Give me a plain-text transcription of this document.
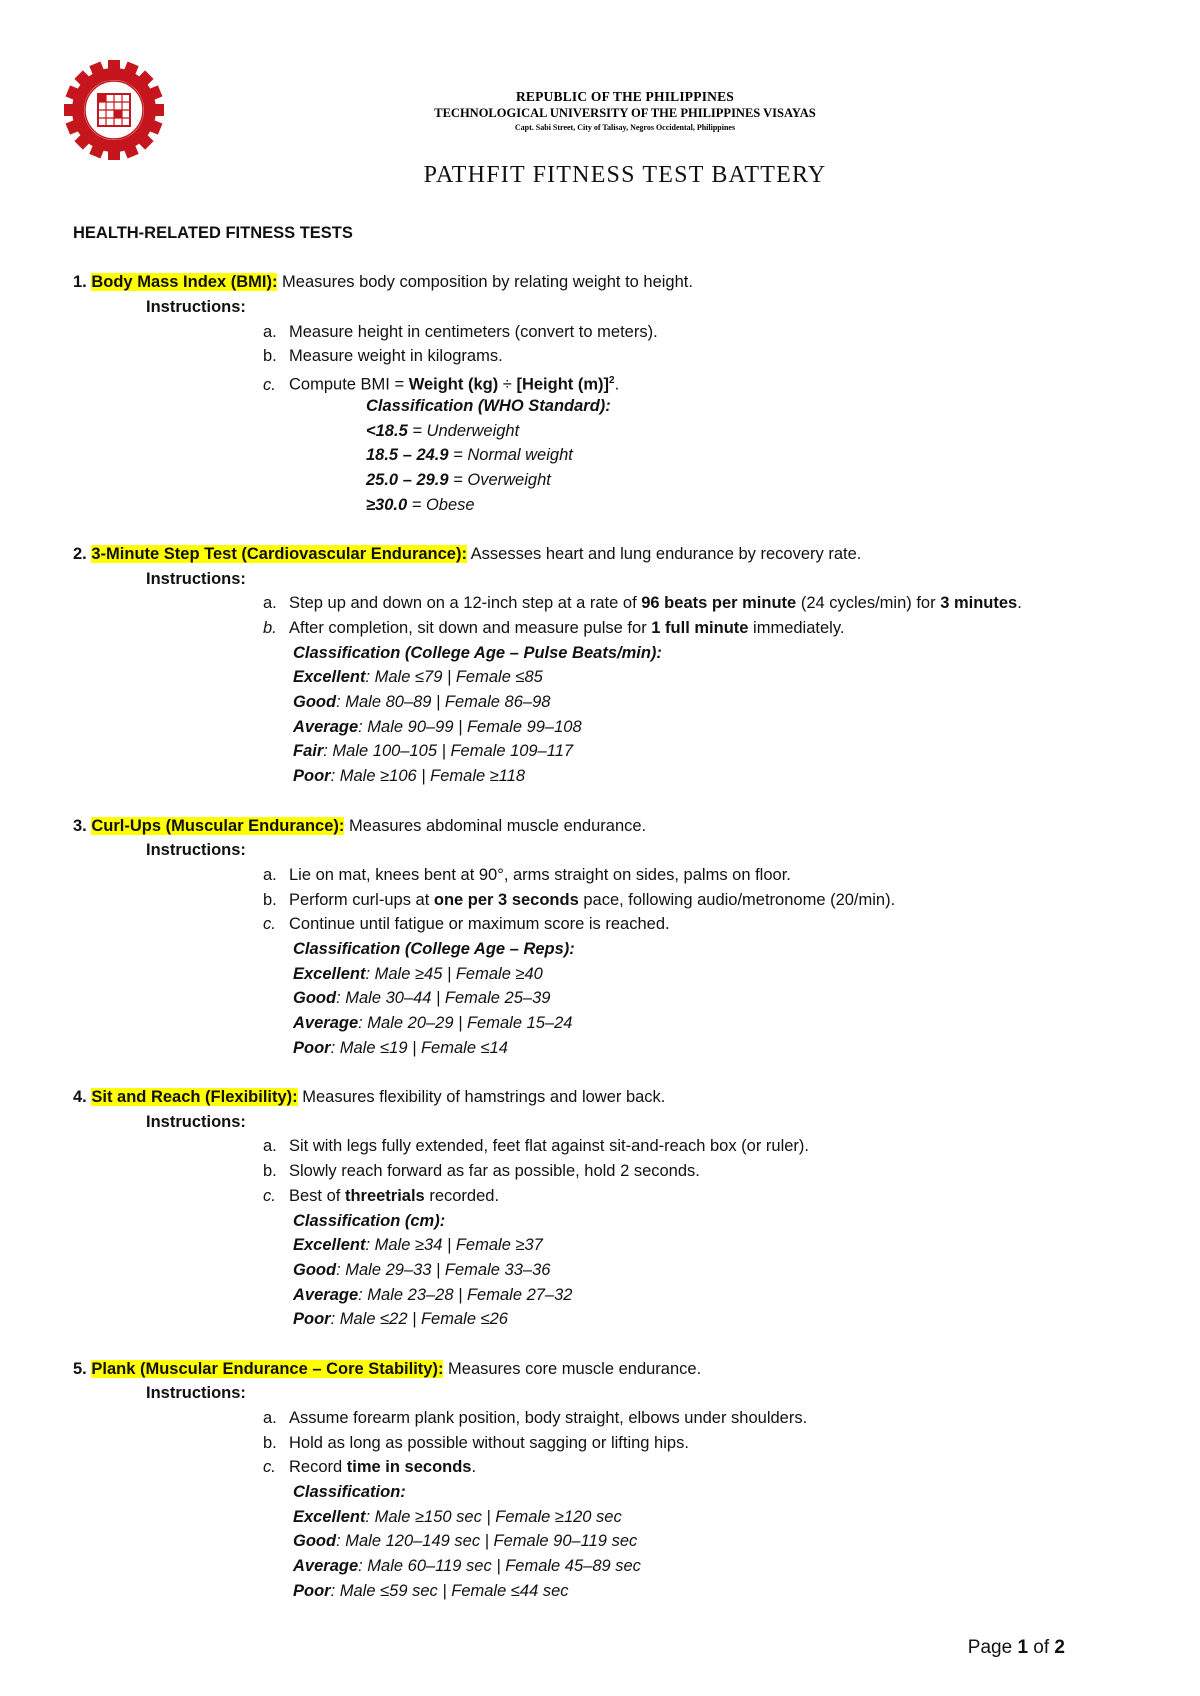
REPUBLIC OF THE PHILIPPINES
TECHNOLOGICAL UNIVERSITY OF THE PHILIPPINES VISAYAS
Capt. Sabi Street, City of Talisay, Negros Occidental, Philippines
PATHFIT FITNESS TEST BATTERY
HEALTH-RELATED FITNESS TESTS
1. Body Mass Index (BMI): Measures body composition by relating weight to height.
Instructions:
a. Measure height in centimeters (convert to meters).
b. Measure weight in kilograms.
c. Compute BMI = Weight (kg) ÷ [Height (m)]$^2$.
Classification (WHO Standard):
<18.5 = Underweight
18.5 – 24.9 = Normal weight
25.0 – 29.9 = Overweight
≥30.0 = Obese
2. 3-Minute Step Test (Cardiovascular Endurance): Assesses heart and lung endurance by recovery rate.
Instructions:
a. Step up and down on a 12-inch step at a rate of 96 beats per minute (24 cycles/min) for 3 minutes.
b. After completion, sit down and measure pulse for 1 full minute immediately.
Classification (College Age – Pulse Beats/min):
Excellent: Male ≤79 | Female ≤85
Good: Male 80–89 | Female 86–98
Average: Male 90–99 | Female 99–108
Fair: Male 100–105 | Female 109–117
Poor: Male ≥106 | Female ≥118
3. Curl-Ups (Muscular Endurance): Measures abdominal muscle endurance.
Instructions:
a. Lie on mat, knees bent at 90°, arms straight on sides, palms on floor.
b. Perform curl-ups at one per 3 seconds pace, following audio/metronome (20/min).
c. Continue until fatigue or maximum score is reached.
Classification (College Age – Reps):
Excellent: Male ≥45 | Female ≥40
Good: Male 30–44 | Female 25–39
Average: Male 20–29 | Female 15–24
Poor: Male ≤19 | Female ≤14
4. Sit and Reach (Flexibility): Measures flexibility of hamstrings and lower back.
Instructions:
a. Sit with legs fully extended, feet flat against sit-and-reach box (or ruler).
b. Slowly reach forward as far as possible, hold 2 seconds.
c. Best of threetrials recorded.
Classification (cm):
Excellent: Male ≥34 | Female ≥37
Good: Male 29–33 | Female 33–36
Average: Male 23–28 | Female 27–32
Poor: Male ≤22 | Female ≤26
5. Plank (Muscular Endurance – Core Stability): Measures core muscle endurance.
Instructions:
a. Assume forearm plank position, body straight, elbows under shoulders.
b. Hold as long as possible without sagging or lifting hips.
c. Record time in seconds.
Classification:
Excellent: Male ≥150 sec | Female ≥120 sec
Good: Male 120–149 sec | Female 90–119 sec
Average: Male 60–119 sec | Female 45–89 sec
Poor: Male ≤59 sec | Female ≤44 sec
Page 1 of 2
